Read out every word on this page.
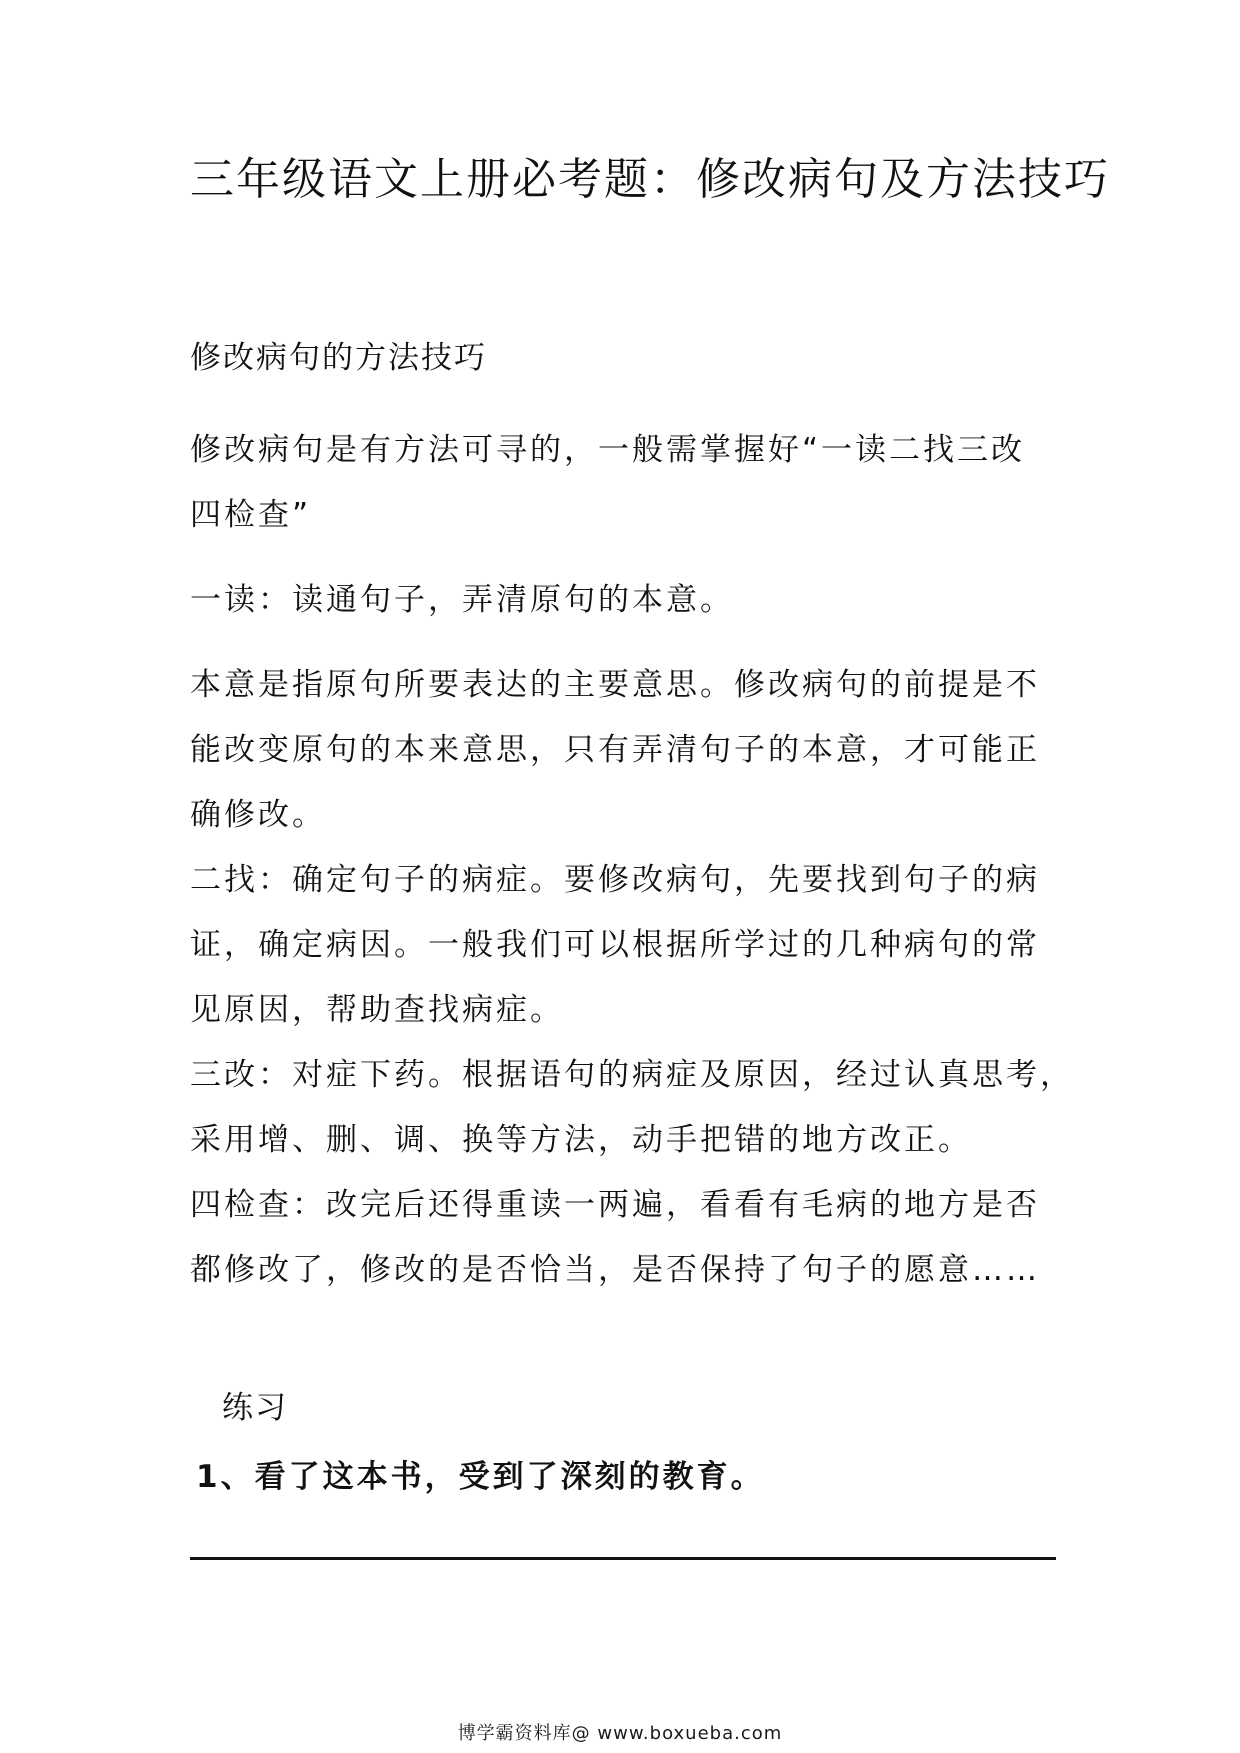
三年级语文上册必考题：修改病句及方法技巧
修改病句的方法技巧
修改病句是有方法可寻的，一般需掌握好“一读二找三改
四检查”
一读：读通句子，弄清原句的本意。
本意是指原句所要表达的主要意思。修改病句的前提是不
能改变原句的本来意思，只有弄清句子的本意，才可能正
确修改。
二找：确定句子的病症。要修改病句，先要找到句子的病
证，确定病因。一般我们可以根据所学过的几种病句的常
见原因，帮助查找病症。
三改：对症下药。根据语句的病症及原因，经过认真思考，
采用增、删、调、换等方法，动手把错的地方改正。
四检查：改完后还得重读一两遍，看看有毛病的地方是否
都修改了，修改的是否恰当，是否保持了句子的愿意……
练习
1、看了这本书，受到了深刻的教育。
博学霸资料库@ www.boxueba.com
